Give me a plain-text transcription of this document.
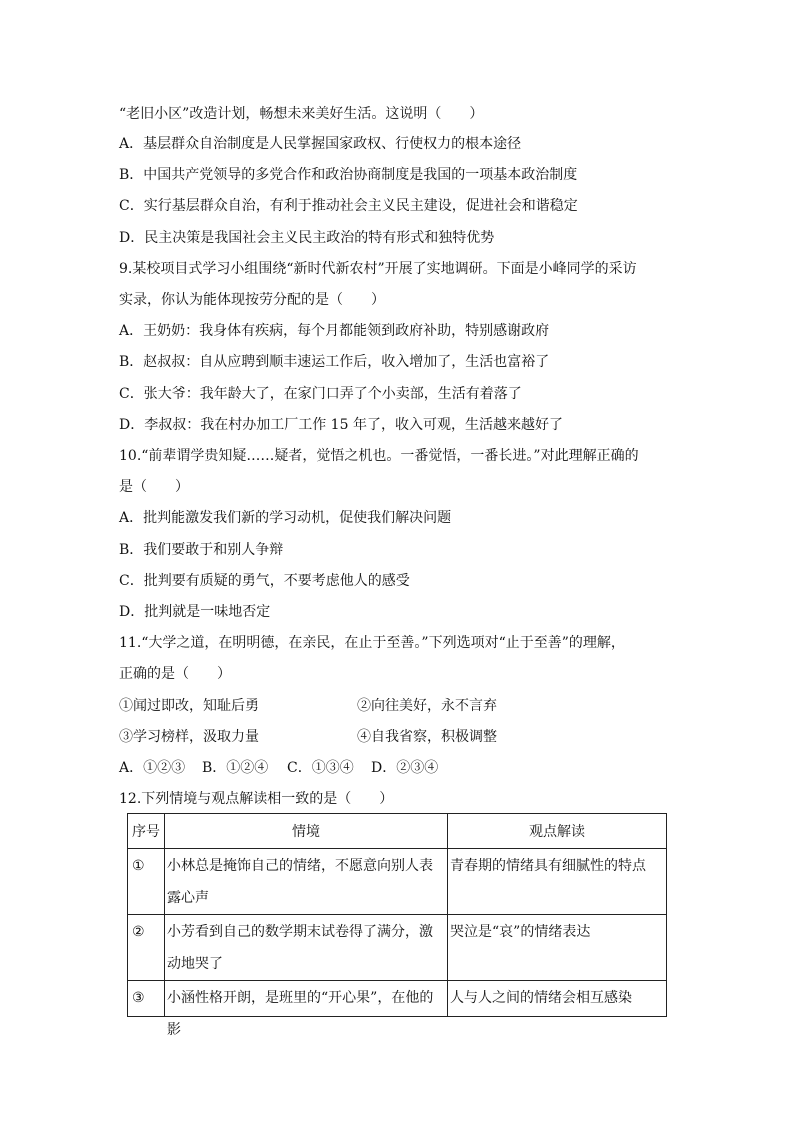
“老旧小区”改造计划，畅想未来美好生活。这说明（　　）
A．基层群众自治制度是人民掌握国家政权、行使权力的根本途径
B．中国共产党领导的多党合作和政治协商制度是我国的一项基本政治制度
C．实行基层群众自治，有利于推动社会主义民主建设，促进社会和谐稳定
D．民主决策是我国社会主义民主政治的特有形式和独特优势
9.某校项目式学习小组围绕“新时代新农村”开展了实地调研。下面是小峰同学的采访
实录，你认为能体现按劳分配的是（　　）
A．王奶奶：我身体有疾病，每个月都能领到政府补助，特别感谢政府
B．赵叔叔：自从应聘到顺丰速运工作后，收入增加了，生活也富裕了
C．张大爷：我年龄大了，在家门口弄了个小卖部，生活有着落了
D．李叔叔：我在村办加工厂工作 15 年了，收入可观，生活越来越好了
10.“前辈谓学贵知疑……疑者，觉悟之机也。一番觉悟，一番长进。”对此理解正确的
是（　　）
A．批判能激发我们新的学习动机，促使我们解决问题
B．我们要敢于和别人争辩
C．批判要有质疑的勇气，不要考虑他人的感受
D．批判就是一味地否定
11.“大学之道，在明明德，在亲民，在止于至善。”下列选项对“止于至善”的理解，
正确的是（　　）
①闻过即改，知耻后勇	②向往美好，永不言弃
③学习榜样，汲取力量	④自我省察，积极调整
A．①②③ B．①②④ C．①③④ D．②③④
12.下列情境与观点解读相一致的是（　　）
序号	情境	观点解读
①	小林总是掩饰自己的情绪，不愿意向别人表露心声	青春期的情绪具有细腻性的特点
②	小芳看到自己的数学期末试卷得了满分，激动地哭了	哭泣是“哀”的情绪表达
③	小涵性格开朗，是班里的“开心果”，在他的影	人与人之间的情绪会相互感染
